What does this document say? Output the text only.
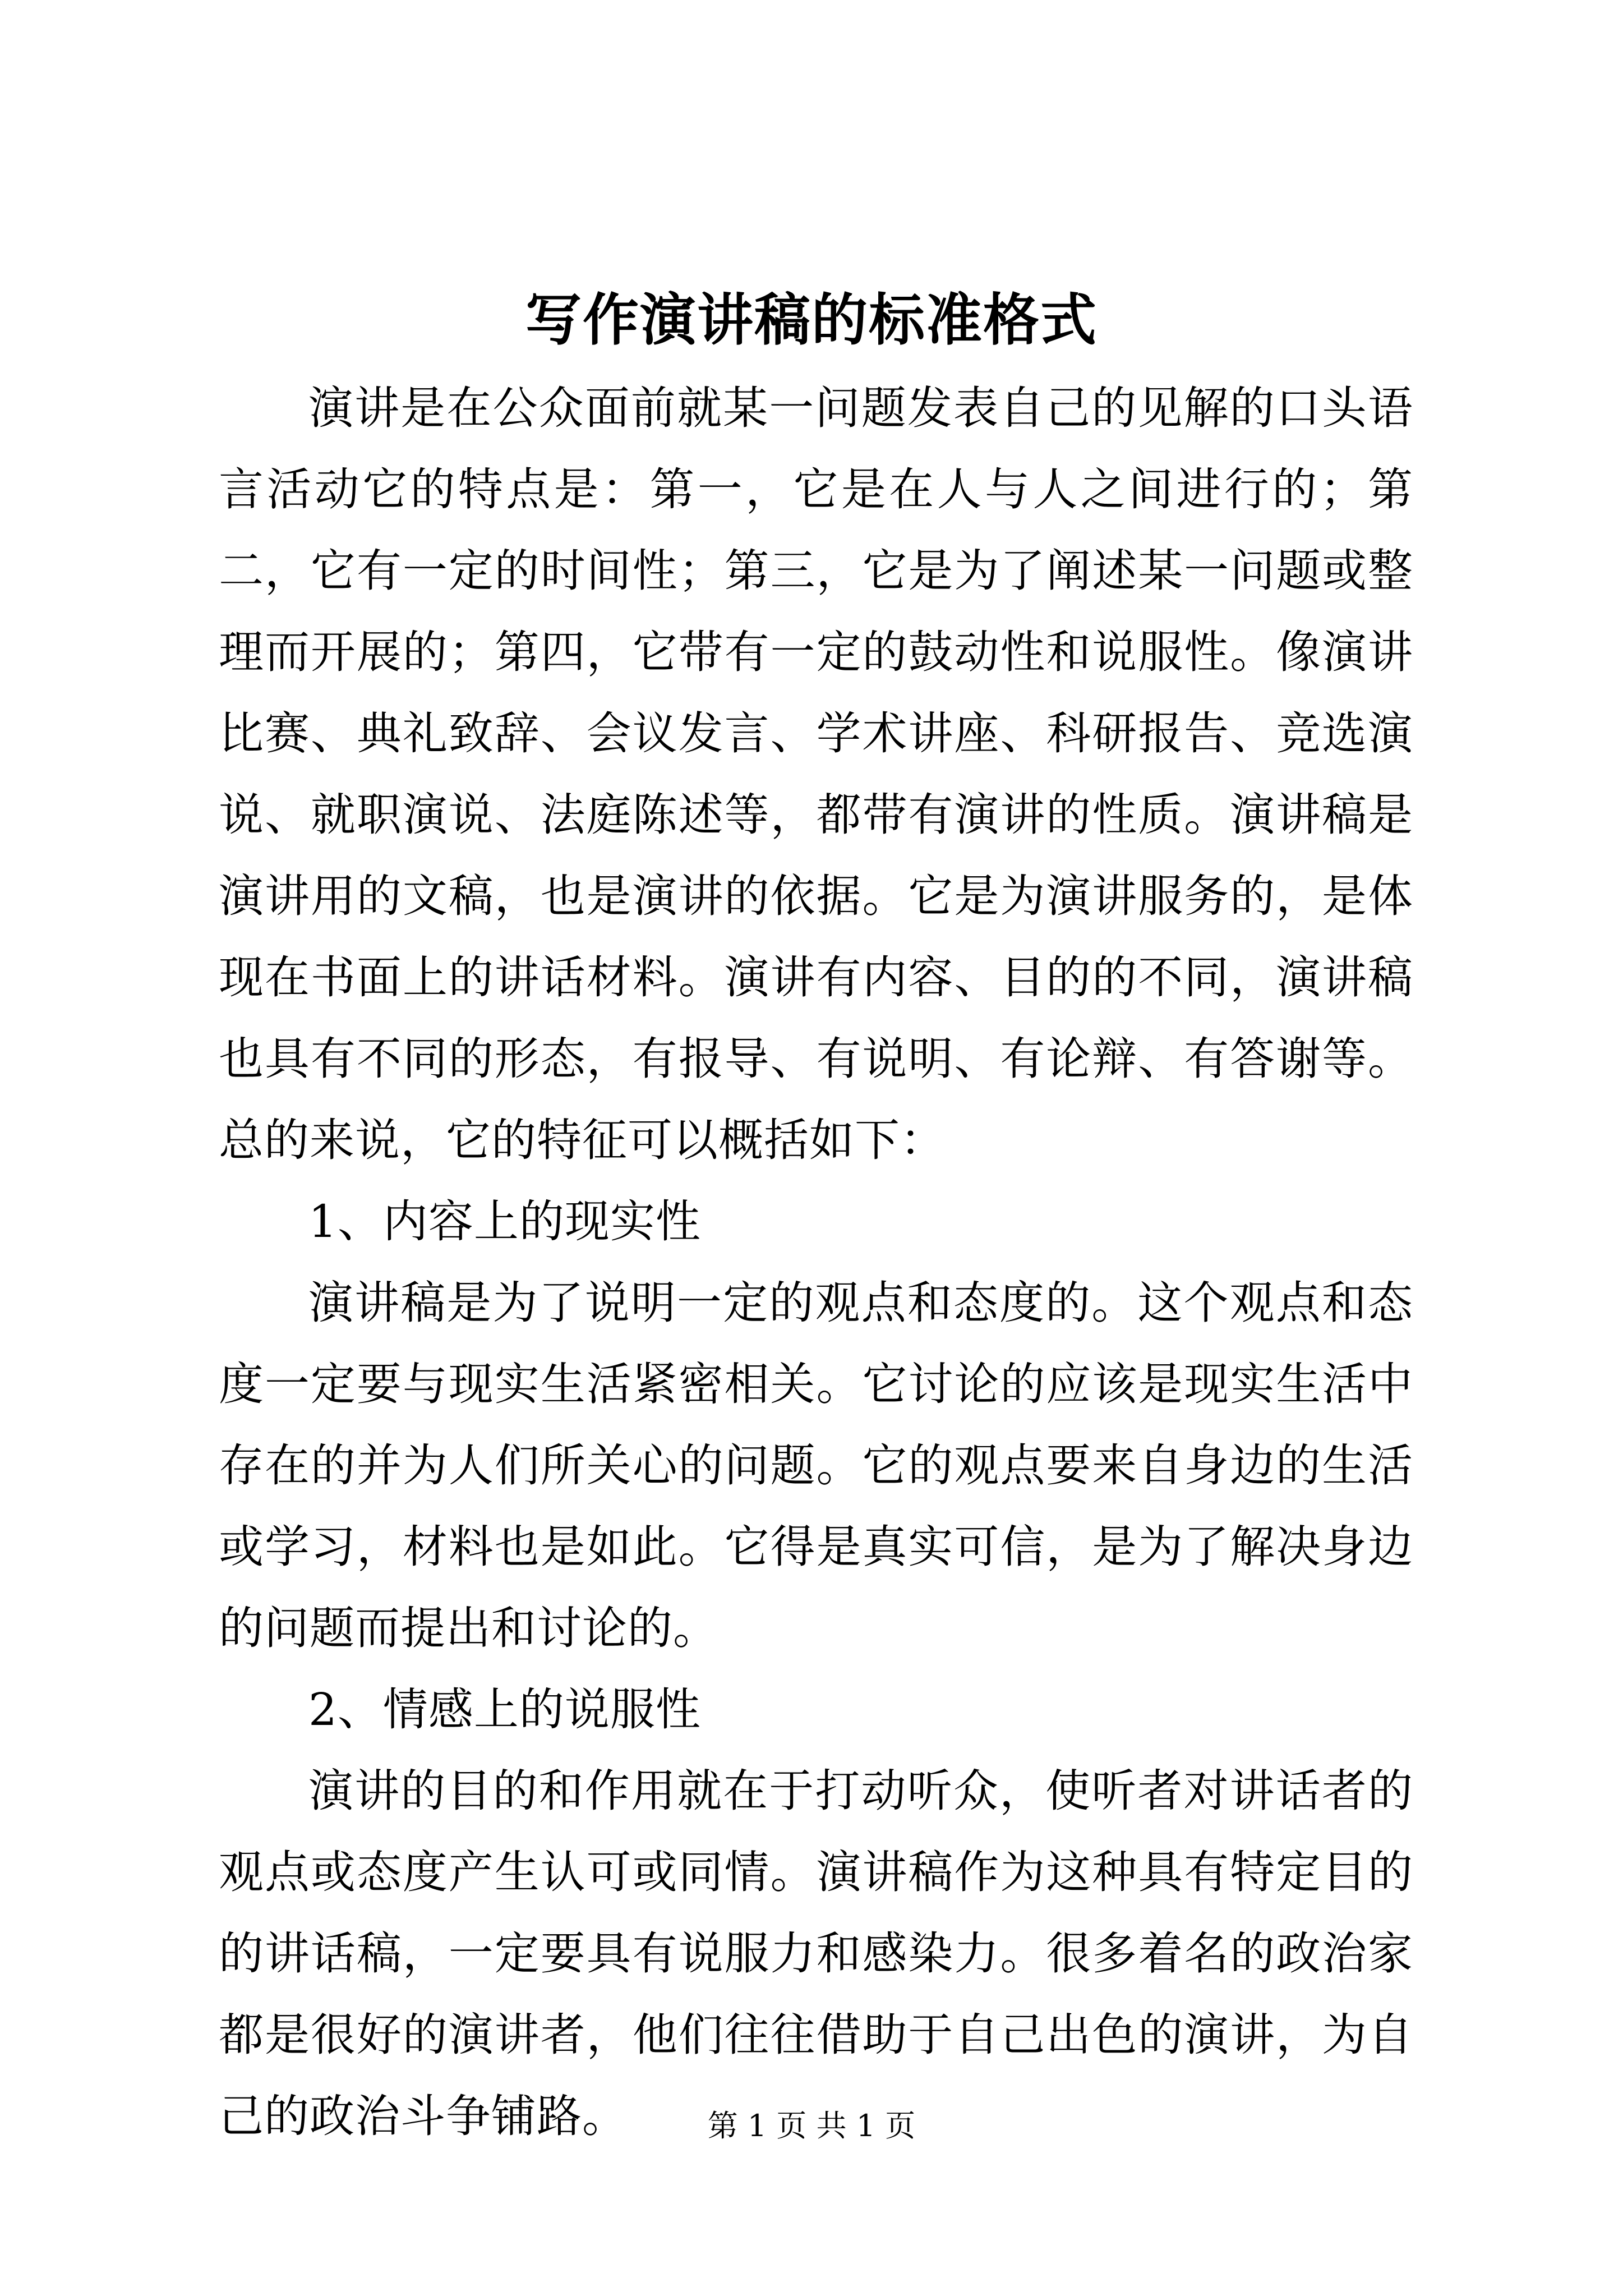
写作演讲稿的标准格式

演讲是在公众面前就某一问题发表自己的见解的口头语言活动它的特点是：第一，它是在人与人之间进行的；第二，它有一定的时间性；第三，它是为了阐述某一问题或整理而开展的；第四，它带有一定的鼓动性和说服性。像演讲比赛、典礼致辞、会议发言、学术讲座、科研报告、竞选演说、就职演说、法庭陈述等，都带有演讲的性质。演讲稿是演讲用的文稿，也是演讲的依据。它是为演讲服务的，是体现在书面上的讲话材料。演讲有内容、目的的不同，演讲稿也具有不同的形态，有报导、有说明、有论辩、有答谢等。总的来说，它的特征可以概括如下：

1、内容上的现实性

演讲稿是为了说明一定的观点和态度的。这个观点和态度一定要与现实生活紧密相关。它讨论的应该是现实生活中存在的并为人们所关心的问题。它的观点要来自身边的生活或学习，材料也是如此。它得是真实可信，是为了解决身边的问题而提出和讨论的。

2、情感上的说服性

演讲的目的和作用就在于打动听众，使听者对讲话者的观点或态度产生认可或同情。演讲稿作为这种具有特定目的的讲话稿，一定要具有说服力和感染力。很多着名的政治家都是很好的演讲者，他们往往借助于自己出色的演讲，为自己的政治斗争铺路。	第 1 页 共 1 页
